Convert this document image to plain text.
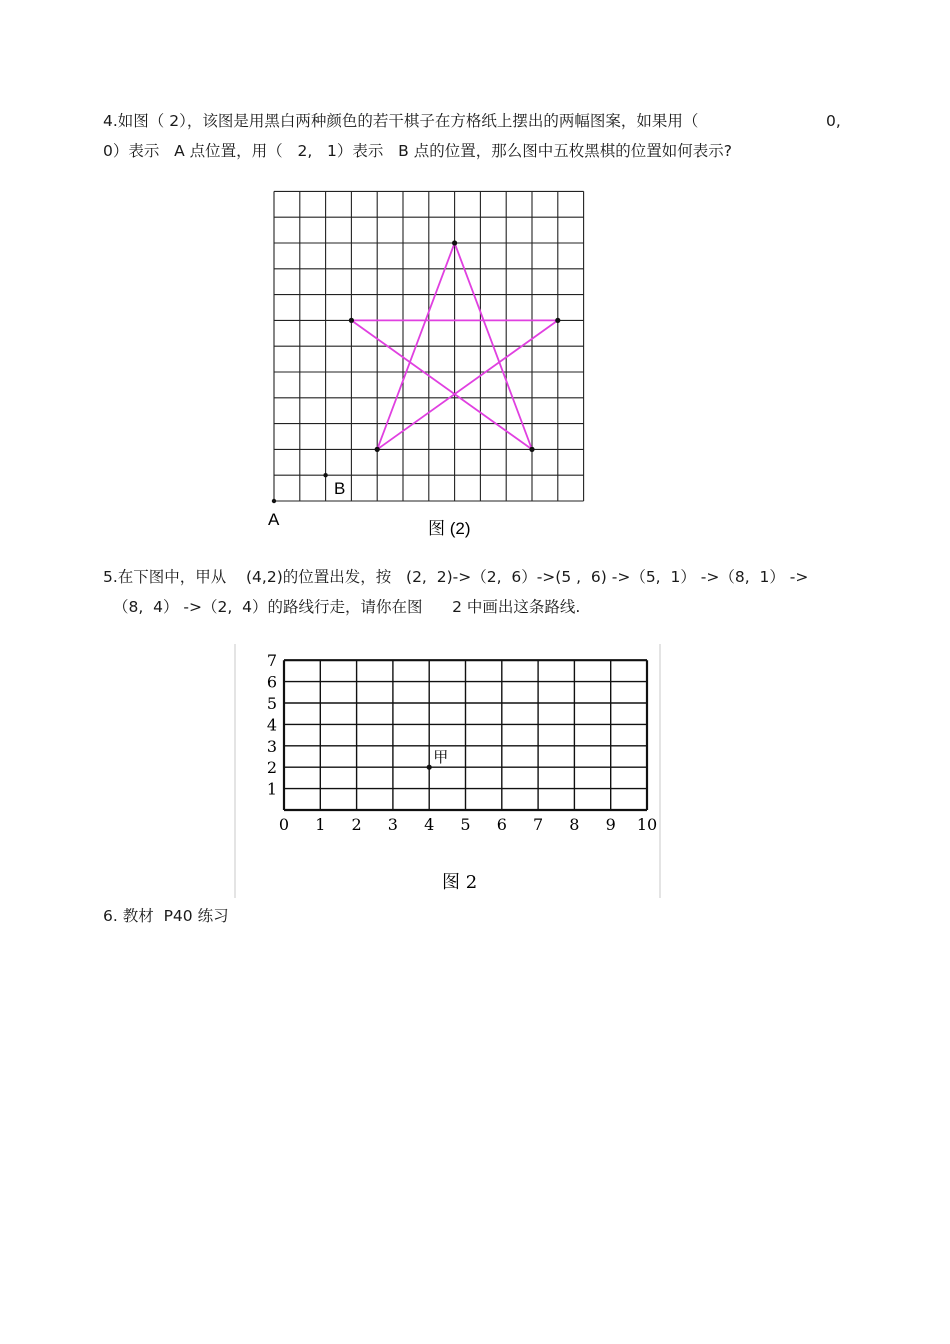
4.如图（ 2），该图是用黑白两种颜色的若干棋子在方格纸上摆出的两幅图案，如果用（	0,
0）表示   A 点位置，用（   2,   1）表示   B 点的位置，那么图中五枚黑棋的位置如何表示?
A
B
图 (2)
5.在下图中，甲从    (4,2)的位置出发，按   (2,  2)->（2,  6）->(5 ,  6) ->（5,  1） ->（8,  1） ->
（8,  4） ->（2,  4）的路线行走，请你在图      2 中画出这条路线.
0 1 2 3 4 5 6 7 8 9 10
1
2
3
4
5
6
7
甲
图 2
6. 教材  P40 练习
